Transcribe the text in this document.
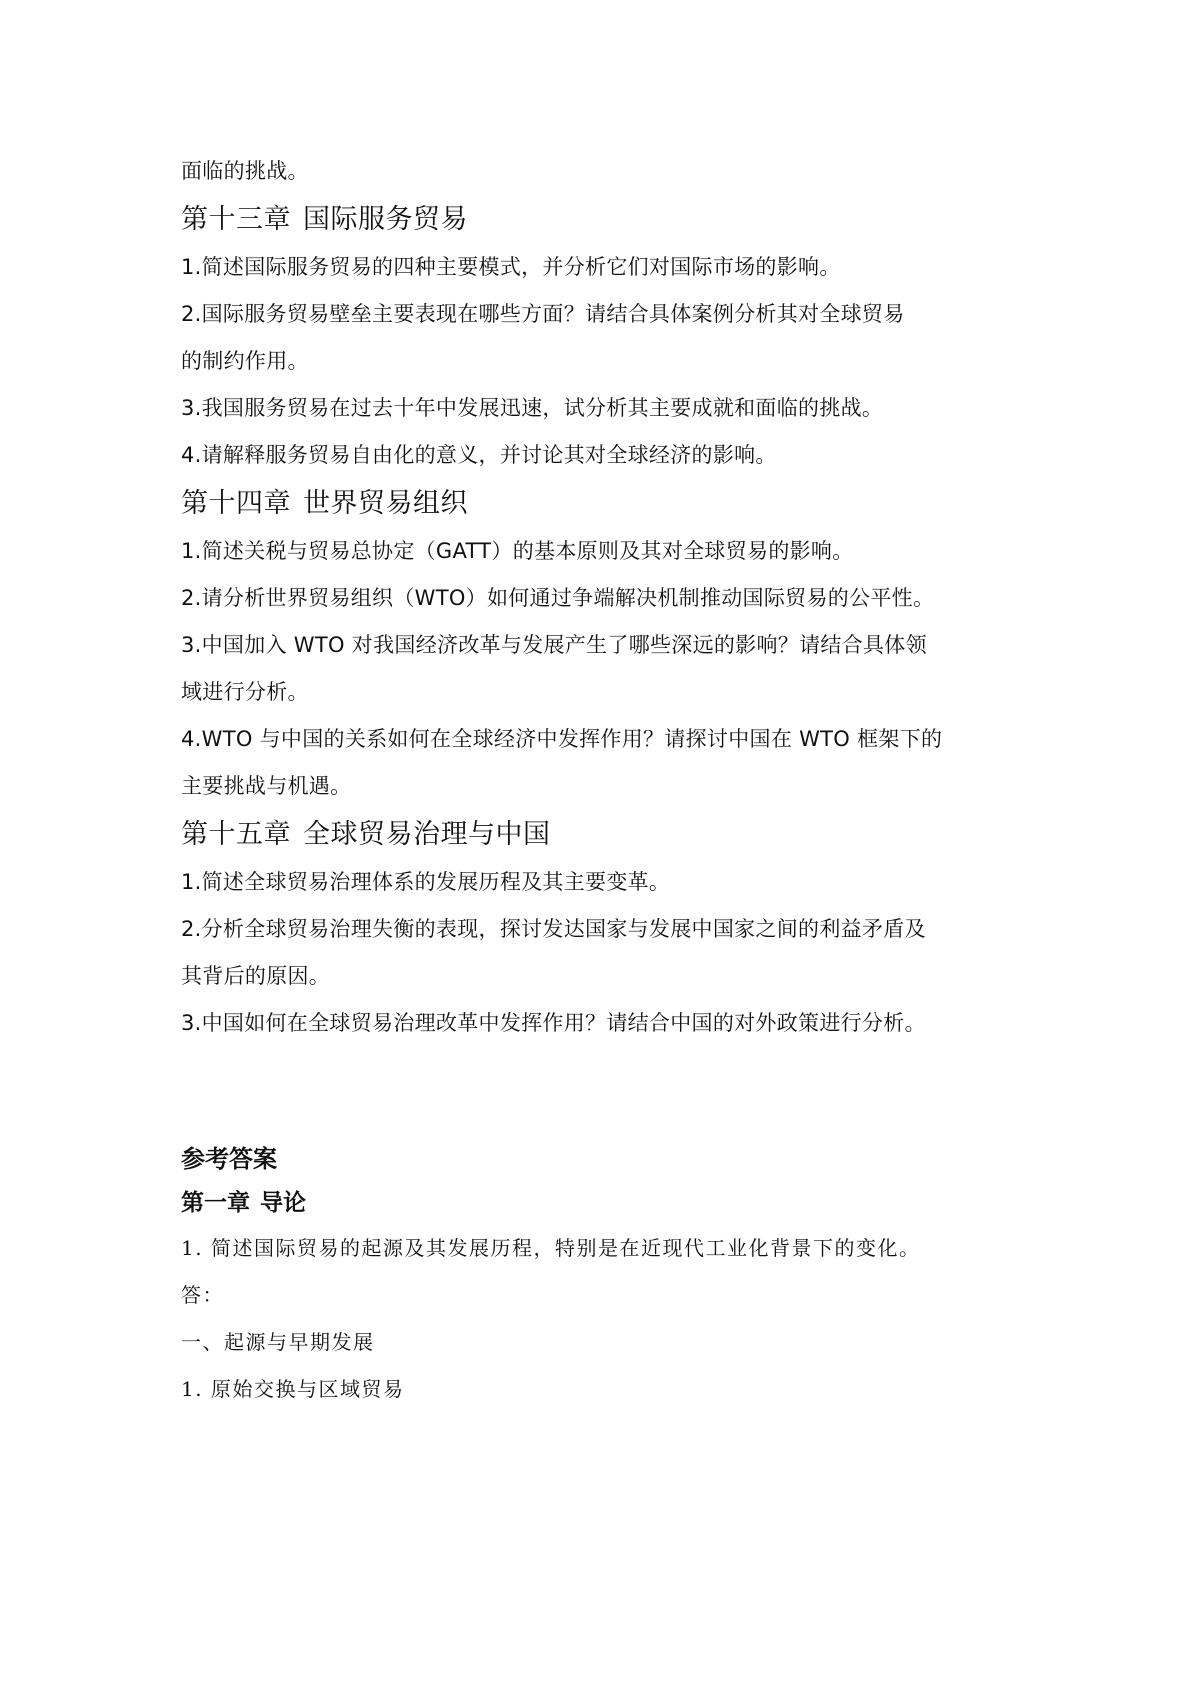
面临的挑战。

第十三章 国际服务贸易

1.简述国际服务贸易的四种主要模式，并分析它们对国际市场的影响。

2.国际服务贸易壁垒主要表现在哪些方面？请结合具体案例分析其对全球贸易

的制约作用。

3.我国服务贸易在过去十年中发展迅速，试分析其主要成就和面临的挑战。

4.请解释服务贸易自由化的意义，并讨论其对全球经济的影响。

第十四章 世界贸易组织

1.简述关税与贸易总协定（GATT）的基本原则及其对全球贸易的影响。

2.请分析世界贸易组织（WTO）如何通过争端解决机制推动国际贸易的公平性。

3.中国加入 WTO 对我国经济改革与发展产生了哪些深远的影响？请结合具体领

域进行分析。

4.WTO 与中国的关系如何在全球经济中发挥作用？请探讨中国在 WTO 框架下的

主要挑战与机遇。

第十五章 全球贸易治理与中国

1.简述全球贸易治理体系的发展历程及其主要变革。

2.分析全球贸易治理失衡的表现，探讨发达国家与发展中国家之间的利益矛盾及

其背后的原因。

3.中国如何在全球贸易治理改革中发挥作用？请结合中国的对外政策进行分析。

参考答案

第一章 导论

1. 简述国际贸易的起源及其发展历程，特别是在近现代工业化背景下的变化。

答：

一、起源与早期发展

1. 原始交换与区域贸易
